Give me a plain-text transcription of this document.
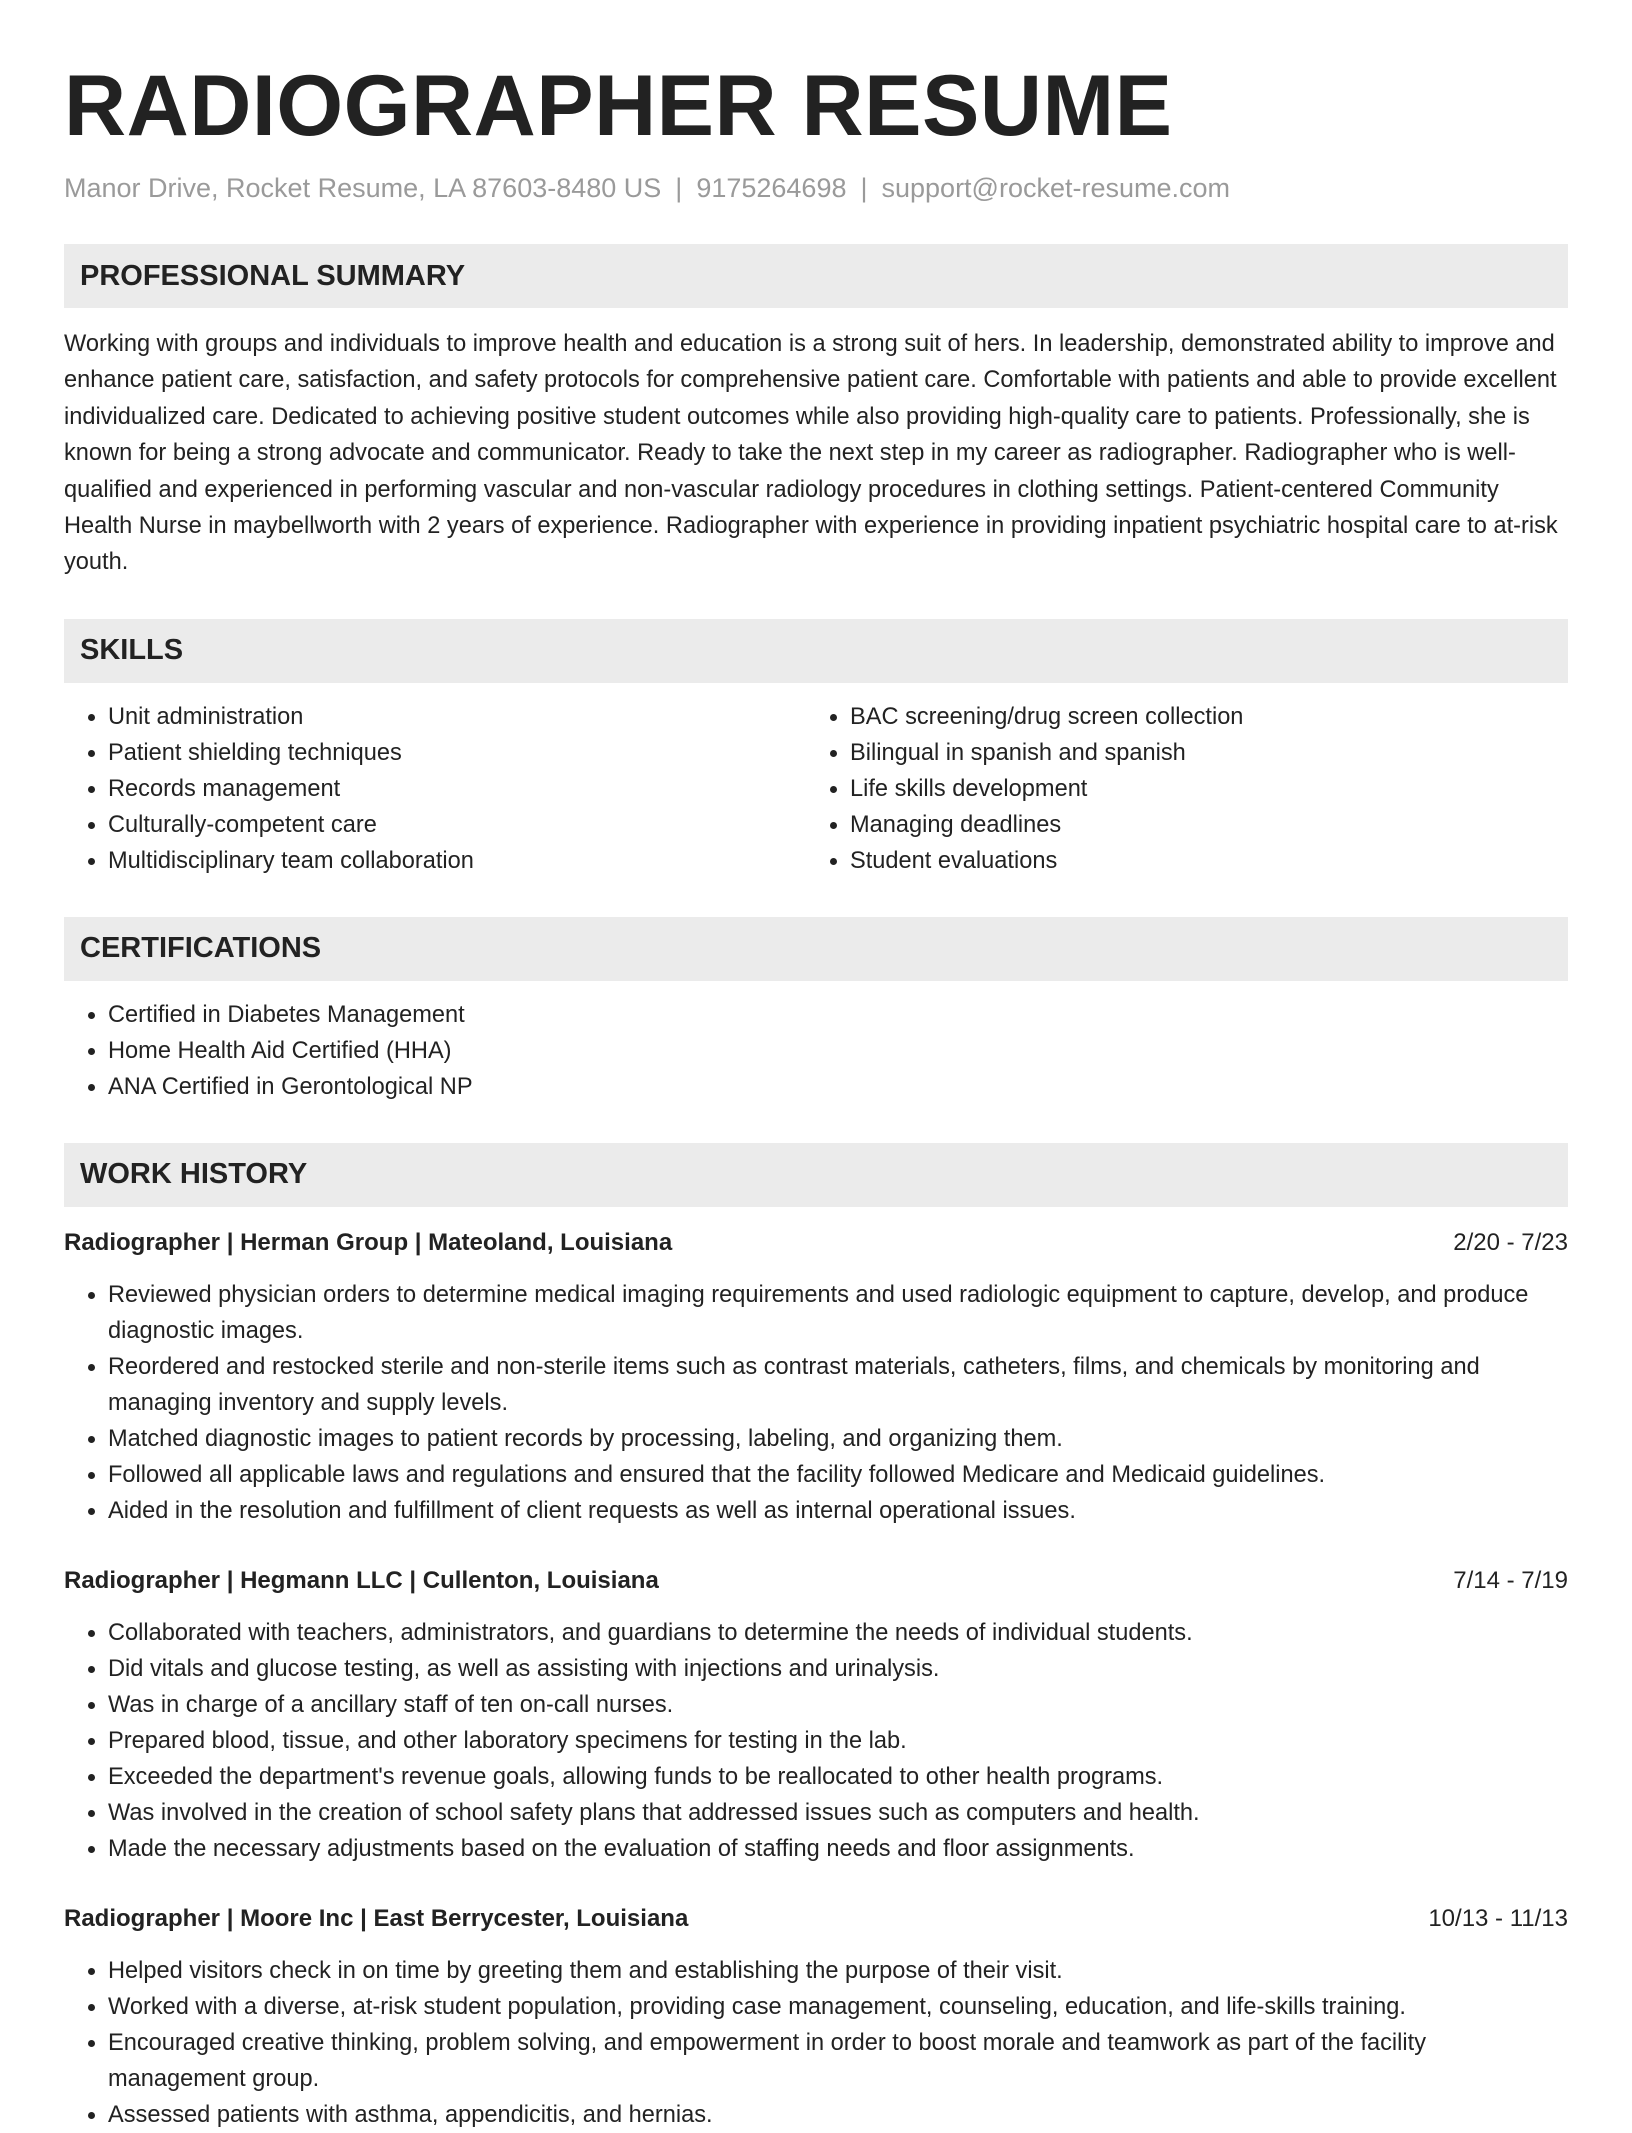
RADIOGRAPHER RESUME
Manor Drive, Rocket Resume, LA 87603-8480 US | 9175264698 | support@rocket-resume.com
PROFESSIONAL SUMMARY
Working with groups and individuals to improve health and education is a strong suit of hers. In leadership, demonstrated ability to improve and enhance patient care, satisfaction, and safety protocols for comprehensive patient care. Comfortable with patients and able to provide excellent individualized care. Dedicated to achieving positive student outcomes while also providing high-quality care to patients. Professionally, she is known for being a strong advocate and communicator. Ready to take the next step in my career as radiographer. Radiographer who is well-qualified and experienced in performing vascular and non-vascular radiology procedures in clothing settings. Patient-centered Community Health Nurse in maybellworth with 2 years of experience. Radiographer with experience in providing inpatient psychiatric hospital care to at-risk youth.
SKILLS
• Unit administration
• Patient shielding techniques
• Records management
• Culturally-competent care
• Multidisciplinary team collaboration
• BAC screening/drug screen collection
• Bilingual in spanish and spanish
• Life skills development
• Managing deadlines
• Student evaluations
CERTIFICATIONS
• Certified in Diabetes Management
• Home Health Aid Certified (HHA)
• ANA Certified in Gerontological NP
WORK HISTORY
Radiographer | Herman Group | Mateoland, Louisiana	2/20 - 7/23
• Reviewed physician orders to determine medical imaging requirements and used radiologic equipment to capture, develop, and produce diagnostic images.
• Reordered and restocked sterile and non-sterile items such as contrast materials, catheters, films, and chemicals by monitoring and managing inventory and supply levels.
• Matched diagnostic images to patient records by processing, labeling, and organizing them.
• Followed all applicable laws and regulations and ensured that the facility followed Medicare and Medicaid guidelines.
• Aided in the resolution and fulfillment of client requests as well as internal operational issues.
Radiographer | Hegmann LLC | Cullenton, Louisiana	7/14 - 7/19
• Collaborated with teachers, administrators, and guardians to determine the needs of individual students.
• Did vitals and glucose testing, as well as assisting with injections and urinalysis.
• Was in charge of a ancillary staff of ten on-call nurses.
• Prepared blood, tissue, and other laboratory specimens for testing in the lab.
• Exceeded the department's revenue goals, allowing funds to be reallocated to other health programs.
• Was involved in the creation of school safety plans that addressed issues such as computers and health.
• Made the necessary adjustments based on the evaluation of staffing needs and floor assignments.
Radiographer | Moore Inc | East Berrycester, Louisiana	10/13 - 11/13
• Helped visitors check in on time by greeting them and establishing the purpose of their visit.
• Worked with a diverse, at-risk student population, providing case management, counseling, education, and life-skills training.
• Encouraged creative thinking, problem solving, and empowerment in order to boost morale and teamwork as part of the facility management group.
• Assessed patients with asthma, appendicitis, and hernias.
